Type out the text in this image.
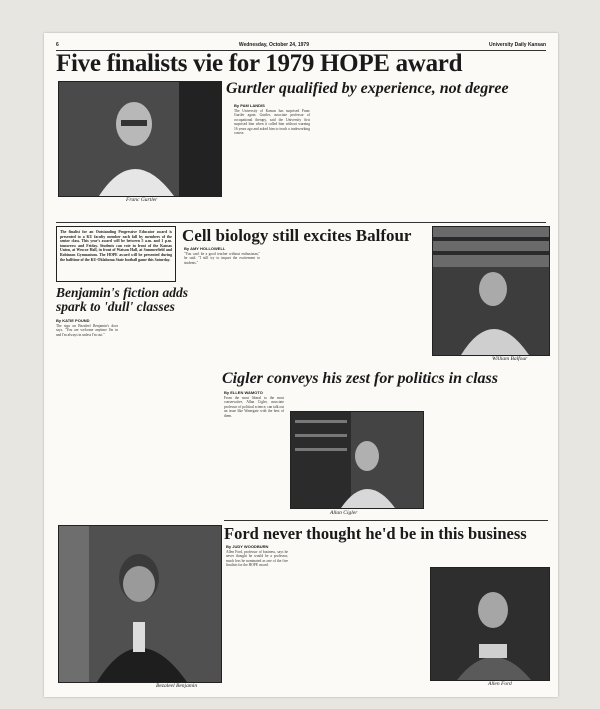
6	Wednesday, October 24, 1979	University Daily Kansan
Five finalists vie for 1979 HOPE award
Franc Gurtler
Gurtler qualified by experience, not degree
By PAM LANDIS

The University of Kansas has surprised Franc Gurtler again. Gurtler, associate professor of occupational therapy, said the University first surprised him when it called him without warning 16 years ago and asked him to teach a tradeworking course.

The finalist for an Outstanding Progressive Educator award is presented to a KU faculty member each fall by members of the senior class. This year's award will be between 5 a.m. and 1 p.m. tomorrow and Friday. Students can vote in front of the Kansas Union, at Wescoe Hall, in front of Watson Hall, at Summerfield and Robinson Gymnasium. The HOPE award will be presented during the halftime of the KU-Oklahoma State football game this Saturday.
Cell biology still excites Balfour
By AMY HOLLOWELL

"You can't be a good teacher without enthusiasm," he said. "I still try to impart the excitement to students."

William Balfour
Benjamin's fiction adds spark to 'dull' classes
By KATIE POUND

The sign on Bezaleel Benjamin's door says, "You are welcome anytime I'm in and I'm always in unless I'm out."

Bezaleel Benjamin
Cigler conveys his zest for politics in class
By ELLEN WAMOTO

From the most liberal to the most conservative, Allan Cigler, associate professor of political science, can talk out an issue like Watergate with the best of them.

Allan Cigler
Ford never thought he'd be in this business
By JUDY WOODBURN

Allen Ford, professor of business, says he never thought he would be a professor, much less be nominated as one of the five finalists for the HOPE award.

Allen Ford
